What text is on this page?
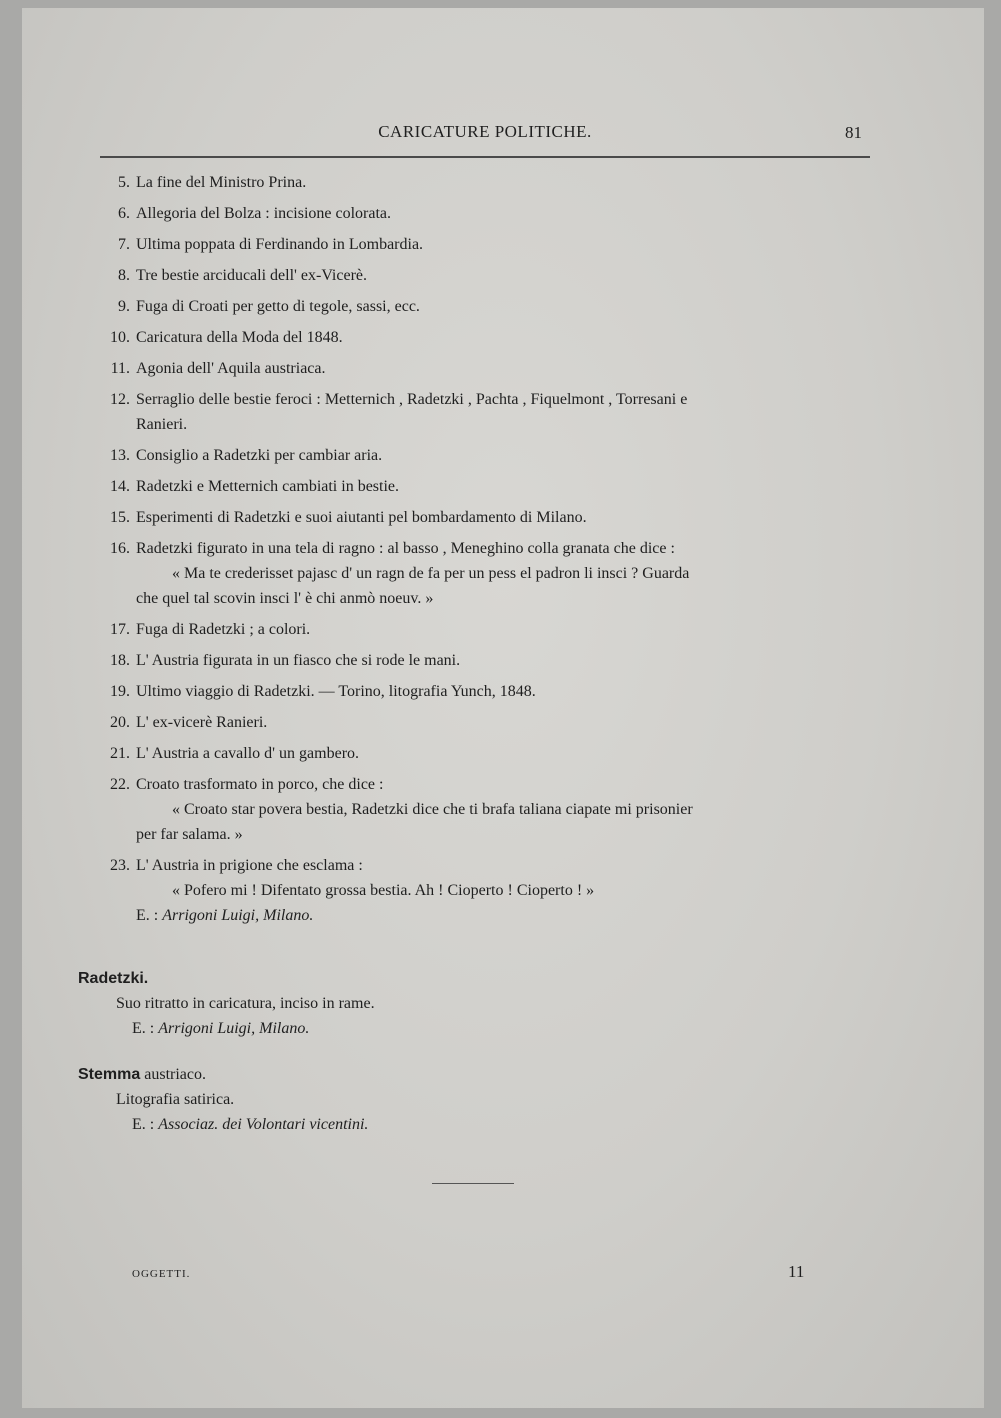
CARICATURE POLITICHE.	81
5. La fine del Ministro Prina.
6. Allegoria del Bolza : incisione colorata.
7. Ultima poppata di Ferdinando in Lombardia.
8. Tre bestie arciducali dell' ex-Vicerè.
9. Fuga di Croati per getto di tegole, sassi, ecc.
10. Caricatura della Moda del 1848.
11. Agonia dell' Aquila austriaca.
12. Serraglio delle bestie feroci : Metternich , Radetzki , Pachta , Fiquelmont , Torresani e
Ranieri.
13. Consiglio a Radetzki per cambiar aria.
14. Radetzki e Metternich cambiati in bestie.
15. Esperimenti di Radetzki e suoi aiutanti pel bombardamento di Milano.
16. Radetzki figurato in una tela di ragno : al basso , Meneghino colla granata che dice :
« Ma te crederisset pajasc d' un ragn de fa per un pess el padron li insci ? Guarda
che quel tal scovin insci l' è chi anmò noeuv. »
17. Fuga di Radetzki ; a colori.
18. L' Austria figurata in un fiasco che si rode le mani.
19. Ultimo viaggio di Radetzki. — Torino, litografia Yunch, 1848.
20. L' ex-vicerè Ranieri.
21. L' Austria a cavallo d' un gambero.
22. Croato trasformato in porco, che dice :
« Croato star povera bestia, Radetzki dice che ti brafa taliana ciapate mi prisonier
per far salama. »
23. L' Austria in prigione che esclama :
« Pofero mi ! Difentato grossa bestia. Ah ! Cioperto ! Cioperto ! »
E. : Arrigoni Luigi, Milano.
Radetzki.
Suo ritratto in caricatura, inciso in rame.
E. : Arrigoni Luigi, Milano.
Stemma austriaco.
Litografia satirica.
E. : Associaz. dei Volontari vicentini.
OGGETTI.	11
